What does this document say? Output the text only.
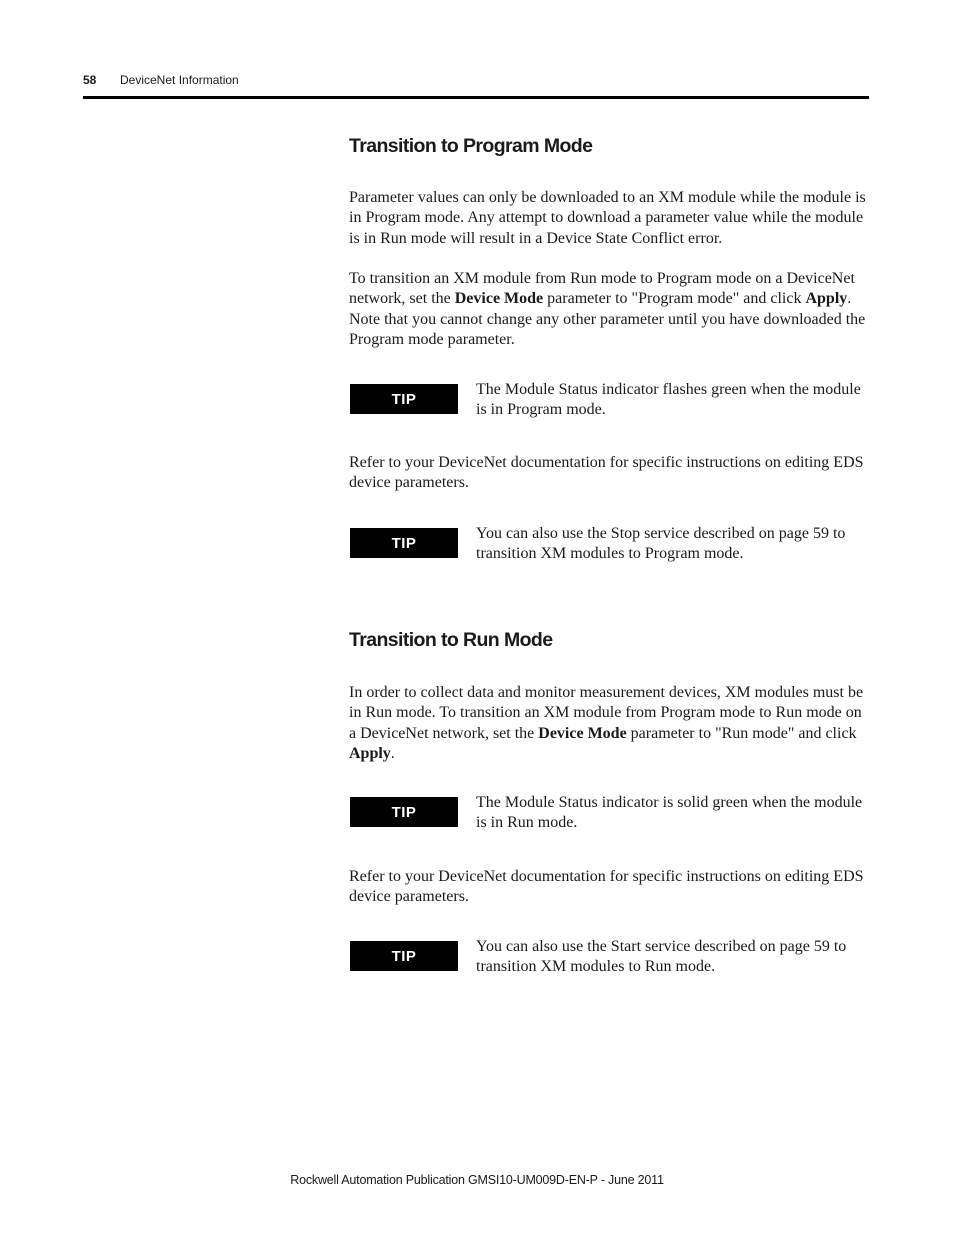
58 DeviceNet Information
Transition to Program Mode

Parameter values can only be downloaded to an XM module while the module is in Program mode. Any attempt to download a parameter value while the module is in Run mode will result in a Device State Conflict error.

To transition an XM module from Run mode to Program mode on a DeviceNet network, set the Device Mode parameter to "Program mode" and click Apply. Note that you cannot change any other parameter until you have downloaded the Program mode parameter.

TIP

The Module Status indicator flashes green when the module is in Program mode.

Refer to your DeviceNet documentation for specific instructions on editing EDS device parameters.

TIP

You can also use the Stop service described on page 59 to transition XM modules to Program mode.

Transition to Run Mode

In order to collect data and monitor measurement devices, XM modules must be in Run mode. To transition an XM module from Program mode to Run mode on a DeviceNet network, set the Device Mode parameter to "Run mode" and click Apply.

TIP

The Module Status indicator is solid green when the module is in Run mode.

Refer to your DeviceNet documentation for specific instructions on editing EDS device parameters.

TIP

You can also use the Start service described on page 59 to transition XM modules to Run mode.

Rockwell Automation Publication GMSI10-UM009D-EN-P - June 2011
